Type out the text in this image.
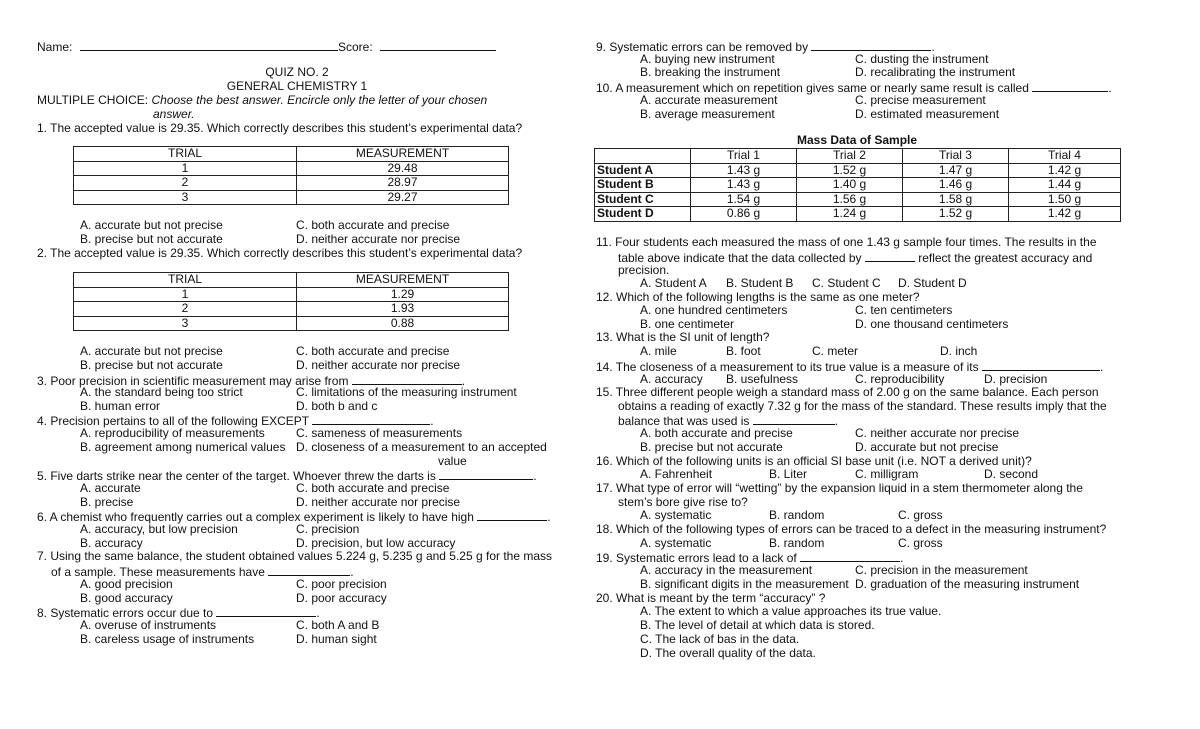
Name:	Score:
QUIZ NO. 2
GENERAL CHEMISTRY 1
MULTIPLE CHOICE: Choose the best answer. Encircle only the letter of your chosen
answer.
1. The accepted value is 29.35. Which correctly describes this student’s experimental data?
TRIAL	MEASUREMENT
1	29.48
2	28.97
3	29.27
A. accurate but not precise	C. both accurate and precise
B. precise but not accurate	D. neither accurate nor precise
2. The accepted value is 29.35. Which correctly describes this student’s experimental data?
TRIAL	MEASUREMENT
1	1.29
2	1.93
3	0.88
A. accurate but not precise	C. both accurate and precise
B. precise but not accurate	D. neither accurate nor precise
3. Poor precision in scientific measurement may arise from	.
A. the standard being too strict	C. limitations of the measuring instrument
B. human error	D. both b and c
4. Precision pertains to all of the following EXCEPT	.
A. reproducibility of measurements	C. sameness of measurements
B. agreement among numerical values D. closeness of a measurement to an accepted
value
5. Five darts strike near the center of the target. Whoever threw the darts is	.
A. accurate	C. both accurate and precise
B. precise	D. neither accurate nor precise
6. A chemist who frequently carries out a complex experiment is likely to have high	.
A. accuracy, but low precision	C. precision
B. accuracy	D. precision, but low accuracy
7. Using the same balance, the student obtained values 5.224 g, 5.235 g and 5.25 g for the mass
of a sample. These measurements have	.
A. good precision	C. poor precision
B. good accuracy	D. poor accuracy
8. Systematic errors occur due to	.
A. overuse of instruments	C. both A and B
B. careless usage of instruments	D. human sight
9. Systematic errors can be removed by	.
A. buying new instrument	C. dusting the instrument
B. breaking the instrument	D. recalibrating the instrument
10. A measurement which on repetition gives same or nearly same result is called	.
A. accurate measurement	C. precise measurement
B. average measurement	D. estimated measurement
Mass Data of Sample
	Trial 1	Trial 2	Trial 3	Trial 4
Student A	1.43 g	1.52 g	1.47 g	1.42 g
Student B	1.43 g	1.40 g	1.46 g	1.44 g
Student C	1.54 g	1.56 g	1.58 g	1.50 g
Student D	0.86 g	1.24 g	1.52 g	1.42 g
11. Four students each measured the mass of one 1.43 g sample four times. The results in the
table above indicate that the data collected by	reflect the greatest accuracy and
precision.
A. Student A B. Student B C. Student C D. Student D
12. Which of the following lengths is the same as one meter?
A. one hundred centimeters	C. ten centimeters
B. one centimeter	D. one thousand centimeters
13. What is the SI unit of length?
A. mile	B. foot	C. meter	D. inch
14. The closeness of a measurement to its true value is a measure of its	.
A. accuracy B. usefulness	C. reproducibility	D. precision
15. Three different people weigh a standard mass of 2.00 g on the same balance. Each person
obtains a reading of exactly 7.32 g for the mass of the standard. These results imply that the
balance that was used is	.
A. both accurate and precise	C. neither accurate nor precise
B. precise but not accurate	D. accurate but not precise
16. Which of the following units is an official SI base unit (i.e. NOT a derived unit)?
A. Fahrenheit	B. Liter	C. milligram	D. second
17. What type of error will “wetting” by the expansion liquid in a stem thermometer along the
stem’s bore give rise to?
A. systematic	B. random	C. gross
18. Which of the following types of errors can be traced to a defect in the measuring instrument?
A. systematic	B. random	C. gross
19. Systematic errors lead to a lack of	.
A. accuracy in the measurement	C. precision in the measurement
B. significant digits in the measurement D. graduation of the measuring instrument
20. What is meant by the term “accuracy” ?
A. The extent to which a value approaches its true value.
B. The level of detail at which data is stored.
C. The lack of bas in the data.
D. The overall quality of the data.
